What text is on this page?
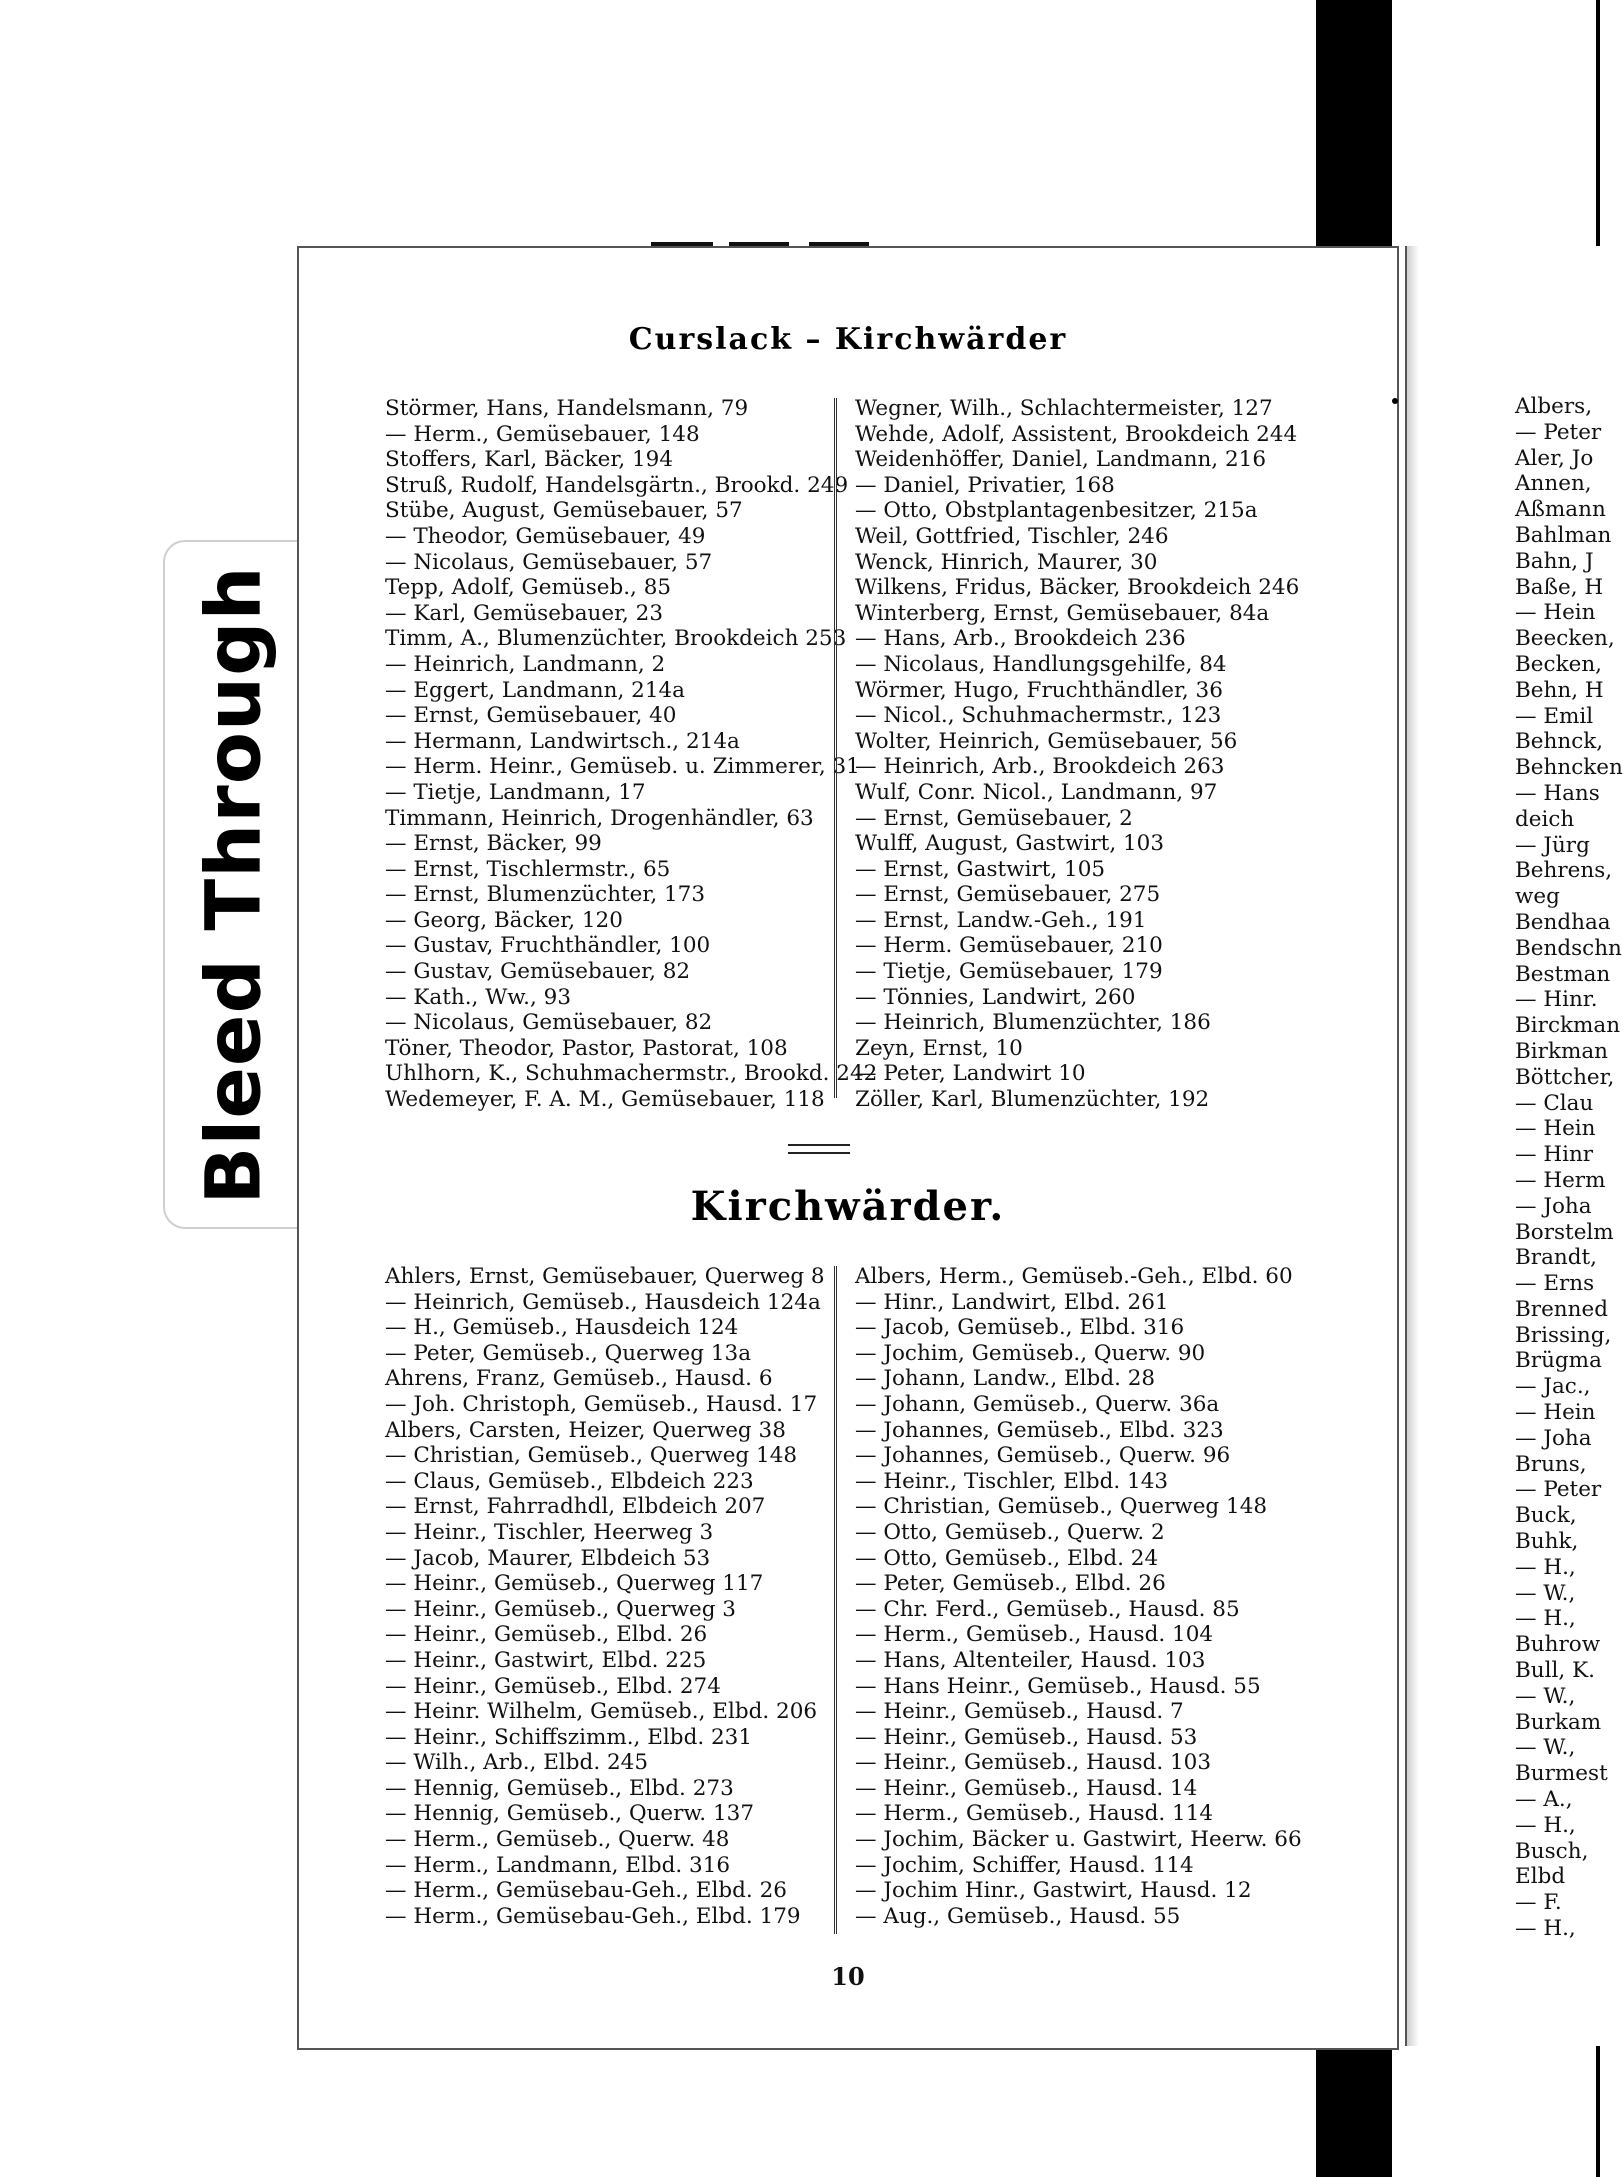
Bleed Through
Curslack – Kirchwärder
Störmer, Hans, Handelsmann, 79
— Herm., Gemüsebauer, 148
Stoffers, Karl, Bäcker, 194
Struß, Rudolf, Handelsgärtn., Brookd. 249
Stübe, August, Gemüsebauer, 57
— Theodor, Gemüsebauer, 49
— Nicolaus, Gemüsebauer, 57
Tepp, Adolf, Gemüseb., 85
— Karl, Gemüsebauer, 23
Timm, A., Blumenzüchter, Brookdeich 253
— Heinrich, Landmann, 2
— Eggert, Landmann, 214a
— Ernst, Gemüsebauer, 40
— Hermann, Landwirtsch., 214a
— Herm. Heinr., Gemüseb. u. Zimmerer, 31
— Tietje, Landmann, 17
Timmann, Heinrich, Drogenhändler, 63
— Ernst, Bäcker, 99
— Ernst, Tischlermstr., 65
— Ernst, Blumenzüchter, 173
— Georg, Bäcker, 120
— Gustav, Fruchthändler, 100
— Gustav, Gemüsebauer, 82
— Kath., Ww., 93
— Nicolaus, Gemüsebauer, 82
Töner, Theodor, Pastor, Pastorat, 108
Uhlhorn, K., Schuhmachermstr., Brookd. 242
Wedemeyer, F. A. M., Gemüsebauer, 118
Wegner, Wilh., Schlachtermeister, 127
Wehde, Adolf, Assistent, Brookdeich 244
Weidenhöffer, Daniel, Landmann, 216
— Daniel, Privatier, 168
— Otto, Obstplantagenbesitzer, 215a
Weil, Gottfried, Tischler, 246
Wenck, Hinrich, Maurer, 30
Wilkens, Fridus, Bäcker, Brookdeich 246
Winterberg, Ernst, Gemüsebauer, 84a
— Hans, Arb., Brookdeich 236
— Nicolaus, Handlungsgehilfe, 84
Wörmer, Hugo, Fruchthändler, 36
— Nicol., Schuhmachermstr., 123
Wolter, Heinrich, Gemüsebauer, 56
— Heinrich, Arb., Brookdeich 263
Wulf, Conr. Nicol., Landmann, 97
— Ernst, Gemüsebauer, 2
Wulff, August, Gastwirt, 103
— Ernst, Gastwirt, 105
— Ernst, Gemüsebauer, 275
— Ernst, Landw.-Geh., 191
— Herm. Gemüsebauer, 210
— Tietje, Gemüsebauer, 179
— Tönnies, Landwirt, 260
— Heinrich, Blumenzüchter, 186
Zeyn, Ernst, 10
— Peter, Landwirt 10
Zöller, Karl, Blumenzüchter, 192
Kirchwärder.
Ahlers, Ernst, Gemüsebauer, Querweg 8
— Heinrich, Gemüseb., Hausdeich 124a
— H., Gemüseb., Hausdeich 124
— Peter, Gemüseb., Querweg 13a
Ahrens, Franz, Gemüseb., Hausd. 6
— Joh. Christoph, Gemüseb., Hausd. 17
Albers, Carsten, Heizer, Querweg 38
— Christian, Gemüseb., Querweg 148
— Claus, Gemüseb., Elbdeich 223
— Ernst, Fahrradhdl, Elbdeich 207
— Heinr., Tischler, Heerweg 3
— Jacob, Maurer, Elbdeich 53
— Heinr., Gemüseb., Querweg 117
— Heinr., Gemüseb., Querweg 3
— Heinr., Gemüseb., Elbd. 26
— Heinr., Gastwirt, Elbd. 225
— Heinr., Gemüseb., Elbd. 274
— Heinr. Wilhelm, Gemüseb., Elbd. 206
— Heinr., Schiffszimm., Elbd. 231
— Wilh., Arb., Elbd. 245
— Hennig, Gemüseb., Elbd. 273
— Hennig, Gemüseb., Querw. 137
— Herm., Gemüseb., Querw. 48
— Herm., Landmann, Elbd. 316
— Herm., Gemüsebau-Geh., Elbd. 26
— Herm., Gemüsebau-Geh., Elbd. 179
Albers, Herm., Gemüseb.-Geh., Elbd. 60
— Hinr., Landwirt, Elbd. 261
— Jacob, Gemüseb., Elbd. 316
— Jochim, Gemüseb., Querw. 90
— Johann, Landw., Elbd. 28
— Johann, Gemüseb., Querw. 36a
— Johannes, Gemüseb., Elbd. 323
— Johannes, Gemüseb., Querw. 96
— Heinr., Tischler, Elbd. 143
— Christian, Gemüseb., Querweg 148
— Otto, Gemüseb., Querw. 2
— Otto, Gemüseb., Elbd. 24
— Peter, Gemüseb., Elbd. 26
— Chr. Ferd., Gemüseb., Hausd. 85
— Herm., Gemüseb., Hausd. 104
— Hans, Altenteiler, Hausd. 103
— Hans Heinr., Gemüseb., Hausd. 55
— Heinr., Gemüseb., Hausd. 7
— Heinr., Gemüseb., Hausd. 53
— Heinr., Gemüseb., Hausd. 103
— Heinr., Gemüseb., Hausd. 14
— Herm., Gemüseb., Hausd. 114
— Jochim, Bäcker u. Gastwirt, Heerw. 66
— Jochim, Schiffer, Hausd. 114
— Jochim Hinr., Gastwirt, Hausd. 12
— Aug., Gemüseb., Hausd. 55
10
Albers,
— Peter
Aler, Jo
Annen,
Aßmann
Bahlman
Bahn, J
Baße, H
— Hein
Beecken,
Becken,
Behn, H
— Emil
Behnck,
Behncken
— Hans
deich
— Jürg
Behrens,
weg
Bendhaa
Bendschn
Bestman
— Hinr.
Birckman
Birkman
Böttcher,
— Clau
— Hein
— Hinr
— Herm
— Joha
Borstelm
Brandt,
— Erns
Brenned
Brissing,
Brügma
— Jac.,
— Hein
— Joha
Bruns,
— Peter
Buck,
Buhk,
— H.,
— W.,
— H.,
Buhrow
Bull, K.
— W.,
Burkam
— W.,
Burmest
— A.,
— H.,
Busch,
Elbd
— F.
— H.,
